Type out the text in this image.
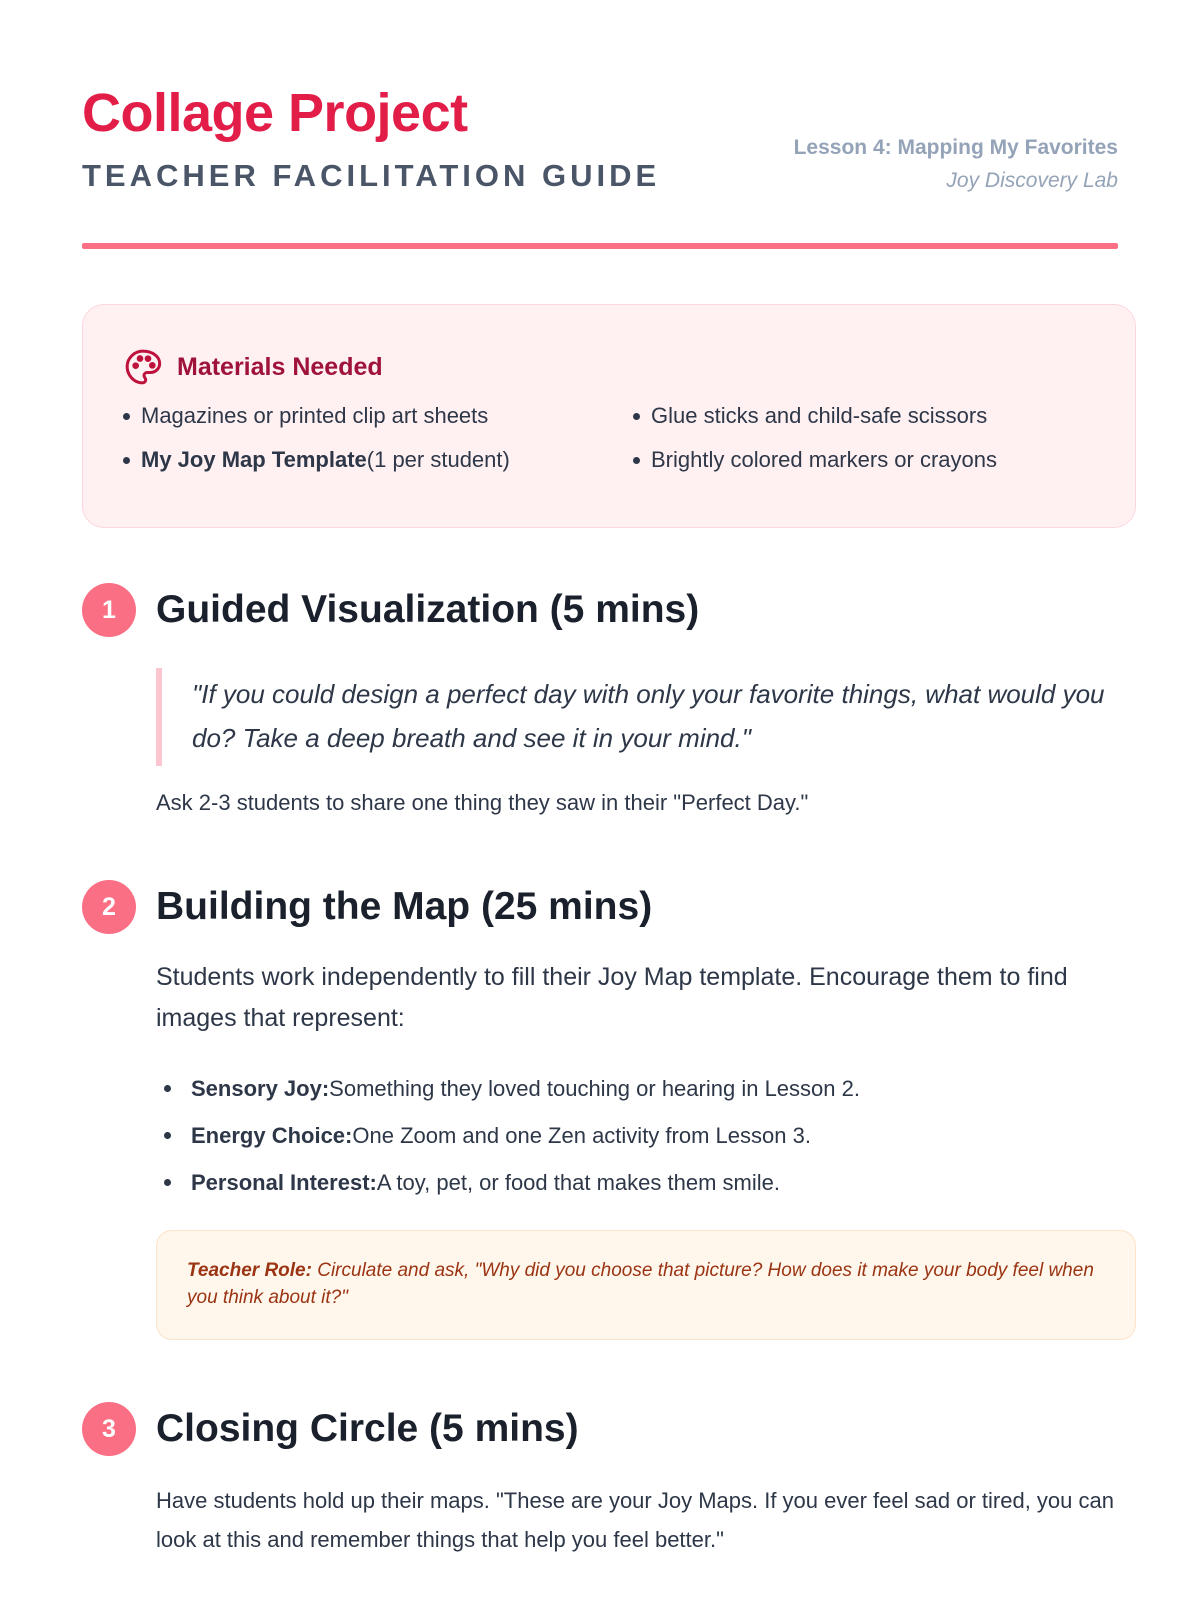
Collage Project
TEACHER FACILITATION GUIDE
Lesson 4: Mapping My Favorites
Joy Discovery Lab
Materials Needed
Magazines or printed clip art sheets	Glue sticks and child-safe scissors
My Joy Map Template (1 per student)	Brightly colored markers or crayons
1	Guided Visualization (5 mins)
"If you could design a perfect day with only your favorite things, what would you do? Take a deep breath and see it in your mind."
Ask 2-3 students to share one thing they saw in their "Perfect Day."
2	Building the Map (25 mins)
Students work independently to fill their Joy Map template. Encourage them to find images that represent:
Sensory Joy: Something they loved touching or hearing in Lesson 2.
Energy Choice: One Zoom and one Zen activity from Lesson 3.
Personal Interest: A toy, pet, or food that makes them smile.
Teacher Role: Circulate and ask, "Why did you choose that picture? How does it make your body feel when you think about it?"
3	Closing Circle (5 mins)
Have students hold up their maps. "These are your Joy Maps. If you ever feel sad or tired, you can look at this and remember things that help you feel better."
